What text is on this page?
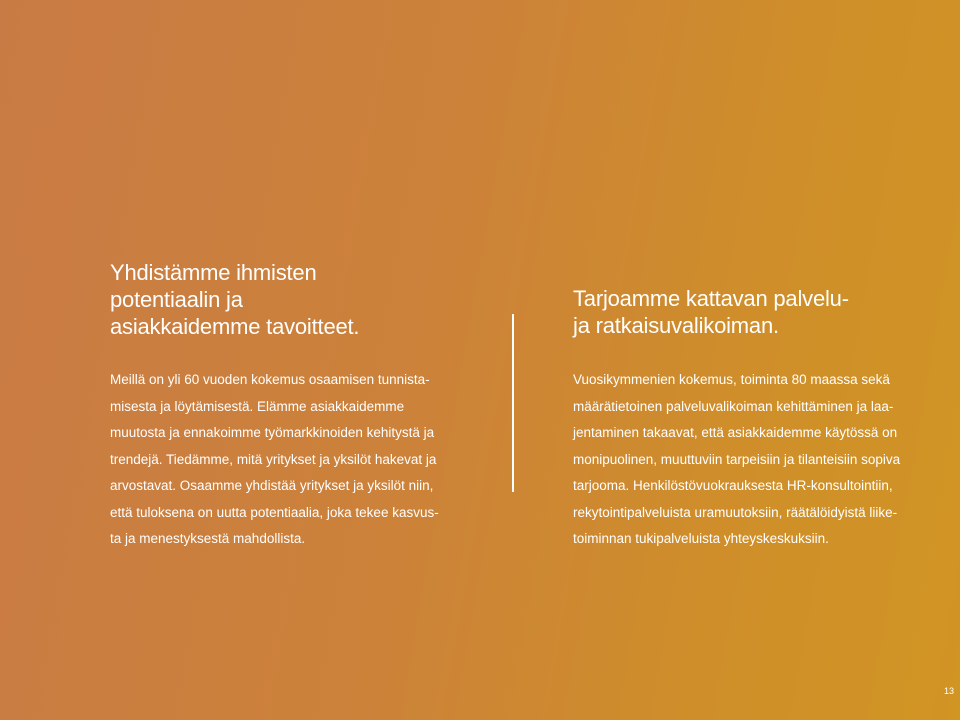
Yhdistämme ihmisten
potentiaalin ja
asiakkaidemme tavoitteet.

Meillä on yli 60 vuoden kokemus osaamisen tunnista-
misesta ja löytämisestä. Elämme asiakkaidemme
muutosta ja ennakoimme työmarkkinoiden kehitystä ja
trendejä. Tiedämme, mitä yritykset ja yksilöt hakevat ja
arvostavat. Osaamme yhdistää yritykset ja yksilöt niin,
että tuloksena on uutta potentiaalia, joka tekee kasvus-
ta ja menestyksestä mahdollista.

Tarjoamme kattavan palvelu-
ja ratkaisuvalikoiman.

Vuosikymmenien kokemus, toiminta 80 maassa sekä
määrätietoinen palveluvalikoiman kehittäminen ja laa-
jentaminen takaavat, että asiakkaidemme käytössä on
monipuolinen, muuttuviin tarpeisiin ja tilanteisiin sopiva
tarjooma. Henkilöstövuokrauksesta HR-konsultointiin,
rekytointipalveluista uramuutoksiin, räätälöidyistä liike-
toiminnan tukipalveluista yhteyskeskuksiin.

13
